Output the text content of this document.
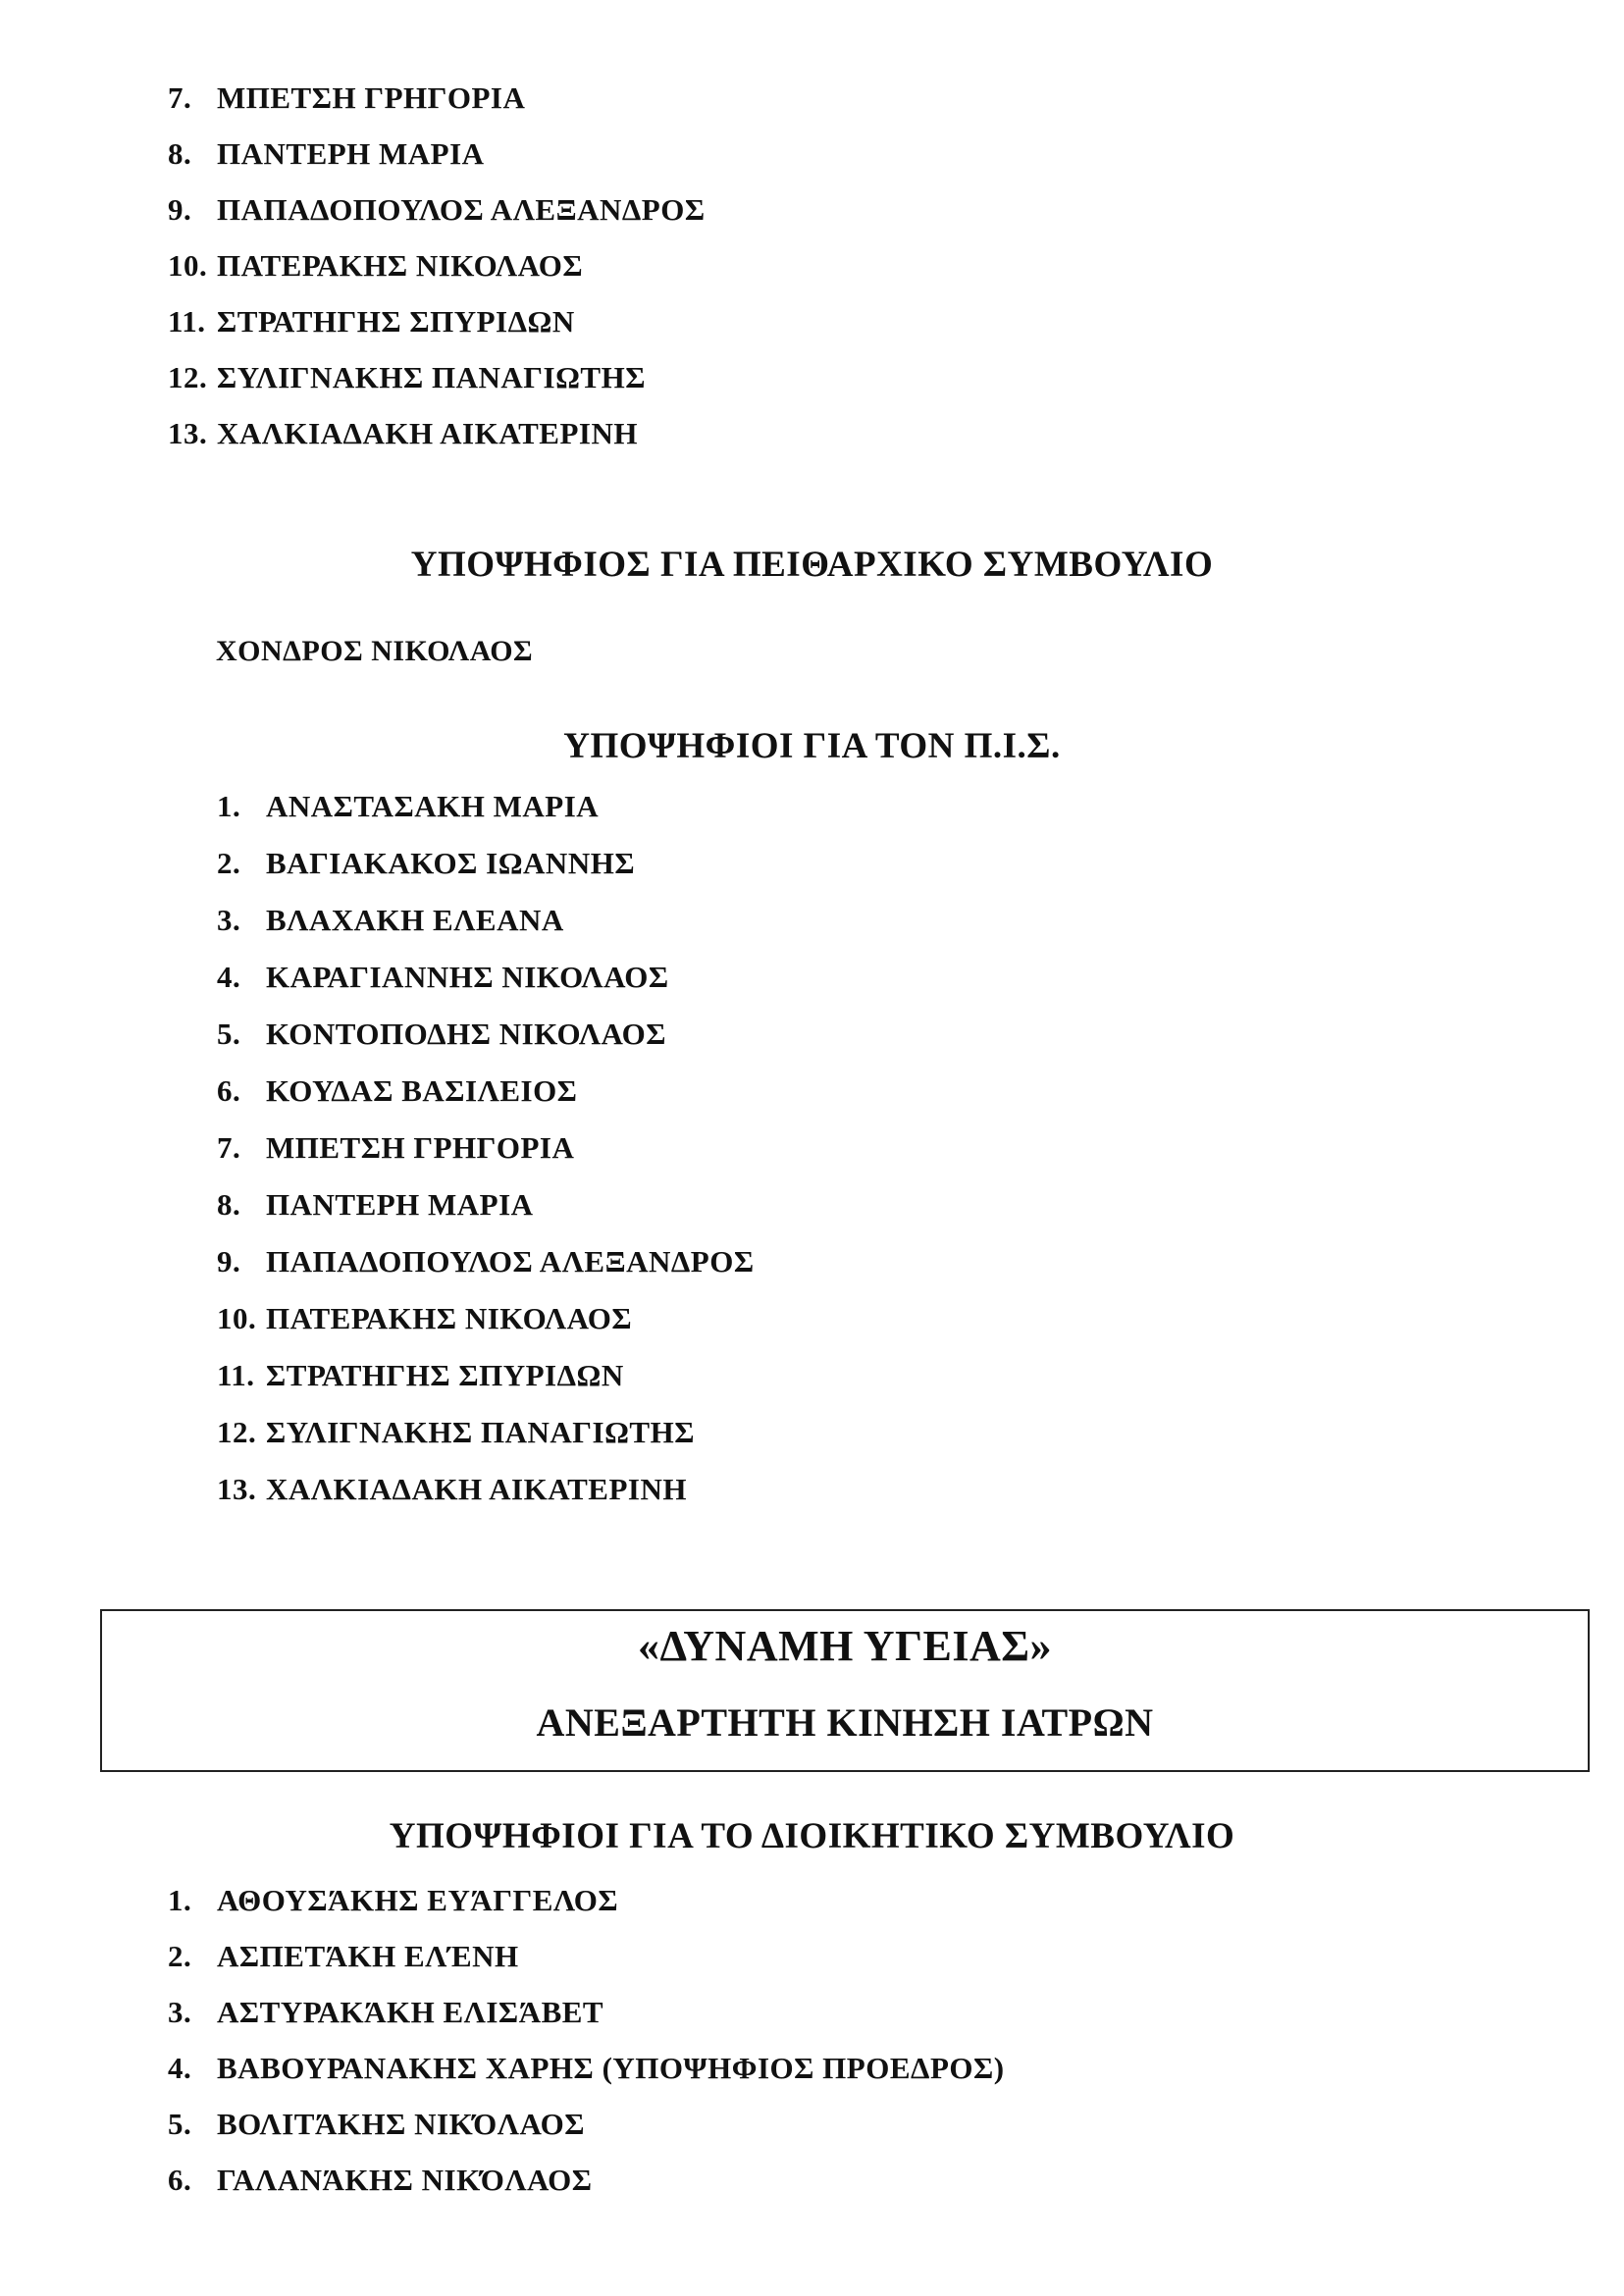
7. ΜΠΕΤΣΗ ΓΡΗΓΟΡΙΑ
8. ΠΑΝΤΕΡΗ ΜΑΡΙΑ
9. ΠΑΠΑΔΟΠΟΥΛΟΣ ΑΛΕΞΑΝΔΡΟΣ
10. ΠΑΤΕΡΑΚΗΣ ΝΙΚΟΛΑΟΣ
11. ΣΤΡΑΤΗΓΗΣ ΣΠΥΡΙΔΩΝ
12. ΣΥΛΙΓΝΑΚΗΣ ΠΑΝΑΓΙΩΤΗΣ
13. ΧΑΛΚΙΑΔΑΚΗ ΑΙΚΑΤΕΡΙΝΗ
ΥΠΟΨΗΦΙΟΣ ΓΙΑ ΠΕΙΘΑΡΧΙΚΟ ΣΥΜΒΟΥΛΙΟ
ΧΟΝΔΡΟΣ ΝΙΚΟΛΑΟΣ
ΥΠΟΨΗΦΙΟΙ ΓΙΑ ΤΟΝ Π.Ι.Σ.
1. ΑΝΑΣΤΑΣΑΚΗ ΜΑΡΙΑ
2. ΒΑΓΙΑΚΑΚΟΣ ΙΩΑΝΝΗΣ
3. ΒΛΑΧΑΚΗ ΕΛΕΑΝΑ
4. ΚΑΡΑΓΙΑΝΝΗΣ ΝΙΚΟΛΑΟΣ
5. ΚΟΝΤΟΠΟΔΗΣ ΝΙΚΟΛΑΟΣ
6. ΚΟΥΔΑΣ ΒΑΣΙΛΕΙΟΣ
7. ΜΠΕΤΣΗ ΓΡΗΓΟΡΙΑ
8. ΠΑΝΤΕΡΗ ΜΑΡΙΑ
9. ΠΑΠΑΔΟΠΟΥΛΟΣ ΑΛΕΞΑΝΔΡΟΣ
10. ΠΑΤΕΡΑΚΗΣ ΝΙΚΟΛΑΟΣ
11. ΣΤΡΑΤΗΓΗΣ ΣΠΥΡΙΔΩΝ
12. ΣΥΛΙΓΝΑΚΗΣ ΠΑΝΑΓΙΩΤΗΣ
13. ΧΑΛΚΙΑΔΑΚΗ ΑΙΚΑΤΕΡΙΝΗ
«ΔΥΝΑΜΗ ΥΓΕΙΑΣ»
ΑΝΕΞΑΡΤΗΤΗ ΚΙΝΗΣΗ ΙΑΤΡΩΝ
ΥΠΟΨΗΦΙΟΙ ΓΙΑ ΤΟ ΔΙΟΙΚΗΤΙΚΟ ΣΥΜΒΟΥΛΙΟ
1. ΑΘΟΥΣΆΚΗΣ ΕΥΆΓΓΕΛΟΣ
2. ΑΣΠΕΤΆΚΗ ΕΛΈΝΗ
3. ΑΣΤΥΡΑΚΆΚΗ ΕΛΙΣΆΒΕΤ
4. ΒΑΒΟΥΡΑΝΑΚΗΣ ΧΑΡΗΣ (ΥΠΟΨΗΦΙΟΣ ΠΡΟΕΔΡΟΣ)
5. ΒΟΛΙΤΆΚΗΣ ΝΙΚΌΛΑΟΣ
6. ΓΑΛΑΝΆΚΗΣ ΝΙΚΌΛΑΟΣ
